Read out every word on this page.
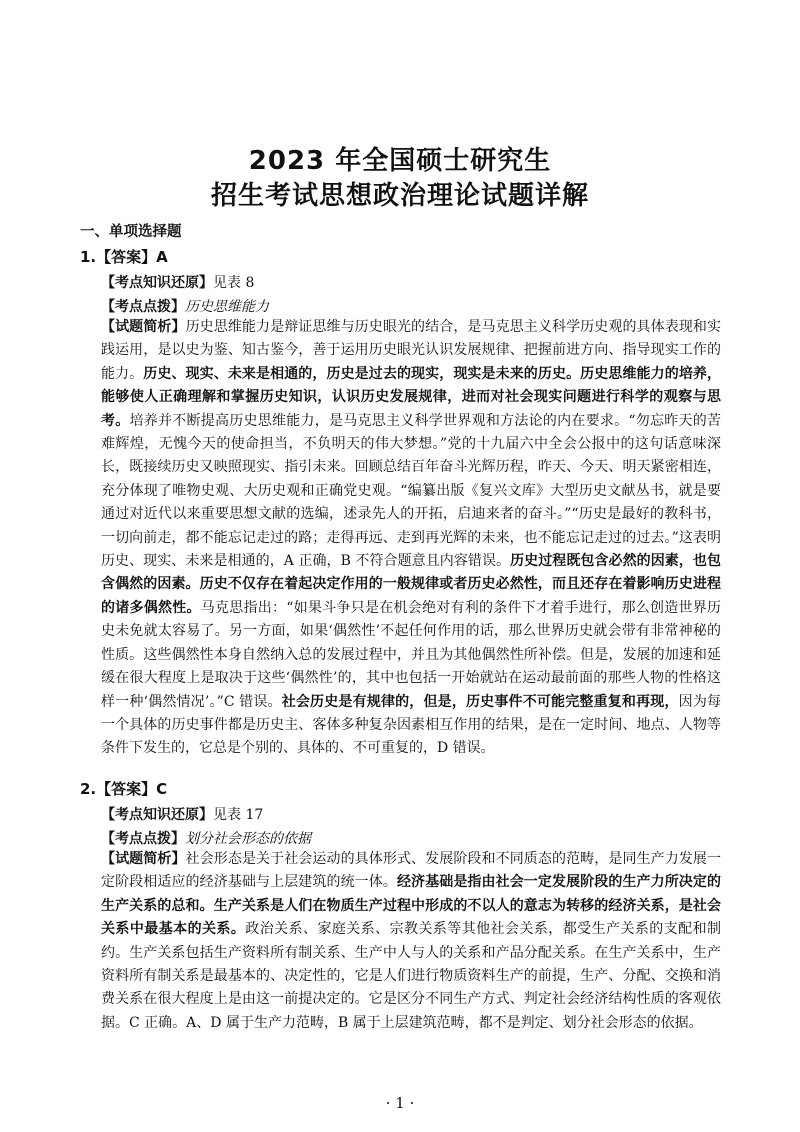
2023 年全国硕士研究生
招生考试思想政治理论试题详解
一、单项选择题
1.【答案】A
【考点知识还原】见表 8
【考点点拨】历史思维能力
【试题简析】历史思维能力是辩证思维与历史眼光的结合，是马克思主义科学历史观的具体表现和实践运用，是以史为鉴、知古鉴今，善于运用历史眼光认识发展规律、把握前进方向、指导现实工作的能力。历史、现实、未来是相通的，历史是过去的现实，现实是未来的历史。历史思维能力的培养，能够使人正确理解和掌握历史知识，认识历史发展规律，进而对社会现实问题进行科学的观察与思考。培养并不断提高历史思维能力，是马克思主义科学世界观和方法论的内在要求。“勿忘昨天的苦难辉煌，无愧今天的使命担当，不负明天的伟大梦想。”党的十九届六中全会公报中的这句话意味深长，既接续历史又映照现实、指引未来。回顾总结百年奋斗光辉历程，昨天、今天、明天紧密相连，充分体现了唯物史观、大历史观和正确党史观。“编纂出版《复兴文库》大型历史文献丛书，就是要通过对近代以来重要思想文献的选编，述录先人的开拓，启迪来者的奋斗。”“历史是最好的教科书，一切向前走，都不能忘记走过的路；走得再远、走到再光辉的未来，也不能忘记走过的过去。”这表明历史、现实、未来是相通的，A 正确，B 不符合题意且内容错误。历史过程既包含必然的因素，也包含偶然的因素。历史不仅存在着起决定作用的一般规律或者历史必然性，而且还存在着影响历史进程的诸多偶然性。马克思指出：“如果斗争只是在机会绝对有利的条件下才着手进行，那么创造世界历史未免就太容易了。另一方面，如果‘偶然性’不起任何作用的话，那么世界历史就会带有非常神秘的性质。这些偶然性本身自然纳入总的发展过程中，并且为其他偶然性所补偿。但是，发展的加速和延缓在很大程度上是取决于这些‘偶然性’的，其中也包括一开始就站在运动最前面的那些人物的性格这样一种‘偶然情况’。”C 错误。社会历史是有规律的，但是，历史事件不可能完整重复和再现，因为每一个具体的历史事件都是历史主、客体多种复杂因素相互作用的结果，是在一定时间、地点、人物等条件下发生的，它总是个别的、具体的、不可重复的，D 错误。
2.【答案】C
【考点知识还原】见表 17
【考点点拨】划分社会形态的依据
【试题简析】社会形态是关于社会运动的具体形式、发展阶段和不同质态的范畴，是同生产力发展一定阶段相适应的经济基础与上层建筑的统一体。经济基础是指由社会一定发展阶段的生产力所决定的生产关系的总和。生产关系是人们在物质生产过程中形成的不以人的意志为转移的经济关系，是社会关系中最基本的关系。政治关系、家庭关系、宗教关系等其他社会关系，都受生产关系的支配和制约。生产关系包括生产资料所有制关系、生产中人与人的关系和产品分配关系。在生产关系中，生产资料所有制关系是最基本的、决定性的，它是人们进行物质资料生产的前提，生产、分配、交换和消费关系在很大程度上是由这一前提决定的。它是区分不同生产方式、判定社会经济结构性质的客观依据。C 正确。A、D 属于生产力范畴，B 属于上层建筑范畴，都不是判定、划分社会形态的依据。
· 1 ·
